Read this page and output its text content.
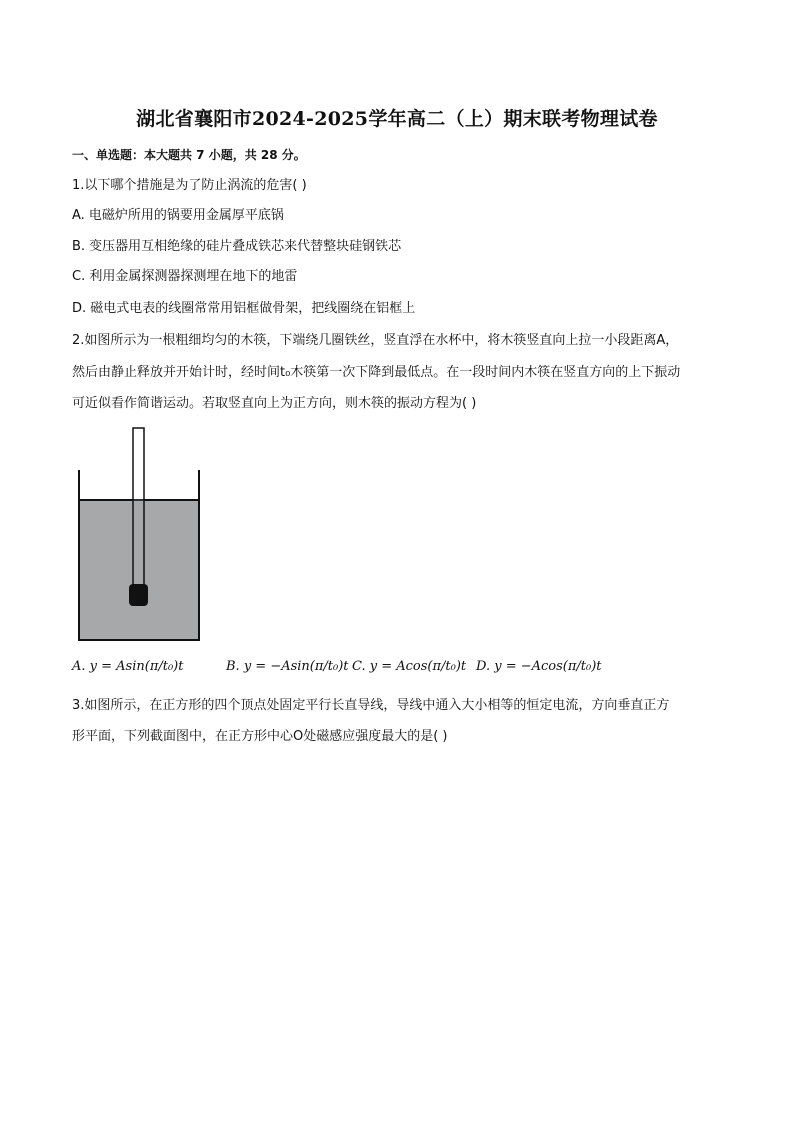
湖北省襄阳市2024-2025学年高二（上）期末联考物理试卷
一、单选题：本大题共 7 小题，共 28 分。
1.以下哪个措施是为了防止涡流的危害( )
A. 电磁炉所用的锅要用金属厚平底锅
B. 变压器用互相绝缘的硅片叠成铁芯来代替整块硅钢铁芯
C. 利用金属探测器探测埋在地下的地雷
D. 磁电式电表的线圈常常用铝框做骨架，把线圈绕在铝框上
2.如图所示为一根粗细均匀的木筷，下端绕几圈铁丝，竖直浮在水杯中，将木筷竖直向上拉一小段距离A，
然后由静止释放并开始计时，经时间t₀木筷第一次下降到最低点。在一段时间内木筷在竖直方向的上下振动
可近似看作简谐运动。若取竖直向上为正方向，则木筷的振动方程为( )
A. y = Asin(π/t₀)t	B. y = −Asin(π/t₀)t C. y = Acos(π/t₀)t D. y = −Acos(π/t₀)t
3.如图所示，在正方形的四个顶点处固定平行长直导线，导线中通入大小相等的恒定电流，方向垂直正方
形平面，下列截面图中，在正方形中心O处磁感应强度最大的是( )
